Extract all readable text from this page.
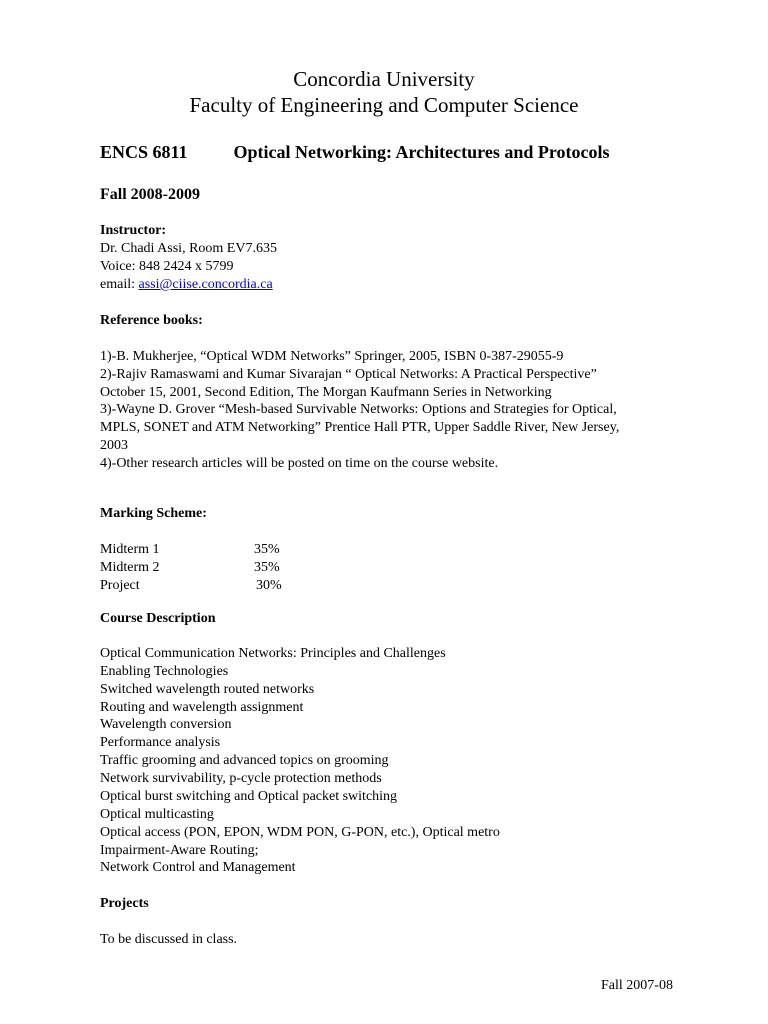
Concordia University
Faculty of Engineering and Computer Science
ENCS 6811	Optical Networking: Architectures and Protocols
Fall 2008-2009
Instructor:
Dr. Chadi Assi, Room EV7.635
Voice: 848 2424 x 5799
email: assi@ciise.concordia.ca
Reference books:
1)-B. Mukherjee, “Optical WDM Networks” Springer, 2005, ISBN 0-387-29055-9
2)-Rajiv Ramaswami and Kumar Sivarajan “ Optical Networks: A Practical Perspective”
October 15, 2001, Second Edition, The Morgan Kaufmann Series in Networking
3)-Wayne D. Grover “Mesh-based Survivable Networks: Options and Strategies for Optical,
MPLS, SONET and ATM Networking” Prentice Hall PTR, Upper Saddle River, New Jersey,
2003
4)-Other research articles will be posted on time on the course website.
Marking Scheme:
Midterm 1	35%
Midterm 2	35%
Project	30%
Course Description
Optical Communication Networks: Principles and Challenges
Enabling Technologies
Switched wavelength routed networks
Routing and wavelength assignment
Wavelength conversion
Performance analysis
Traffic grooming and advanced topics on grooming
Network survivability, p-cycle protection methods
Optical burst switching and Optical packet switching
Optical multicasting
Optical access (PON, EPON, WDM PON, G-PON, etc.), Optical metro
Impairment-Aware Routing;
Network Control and Management
Projects
To be discussed in class.
Fall 2007-08
